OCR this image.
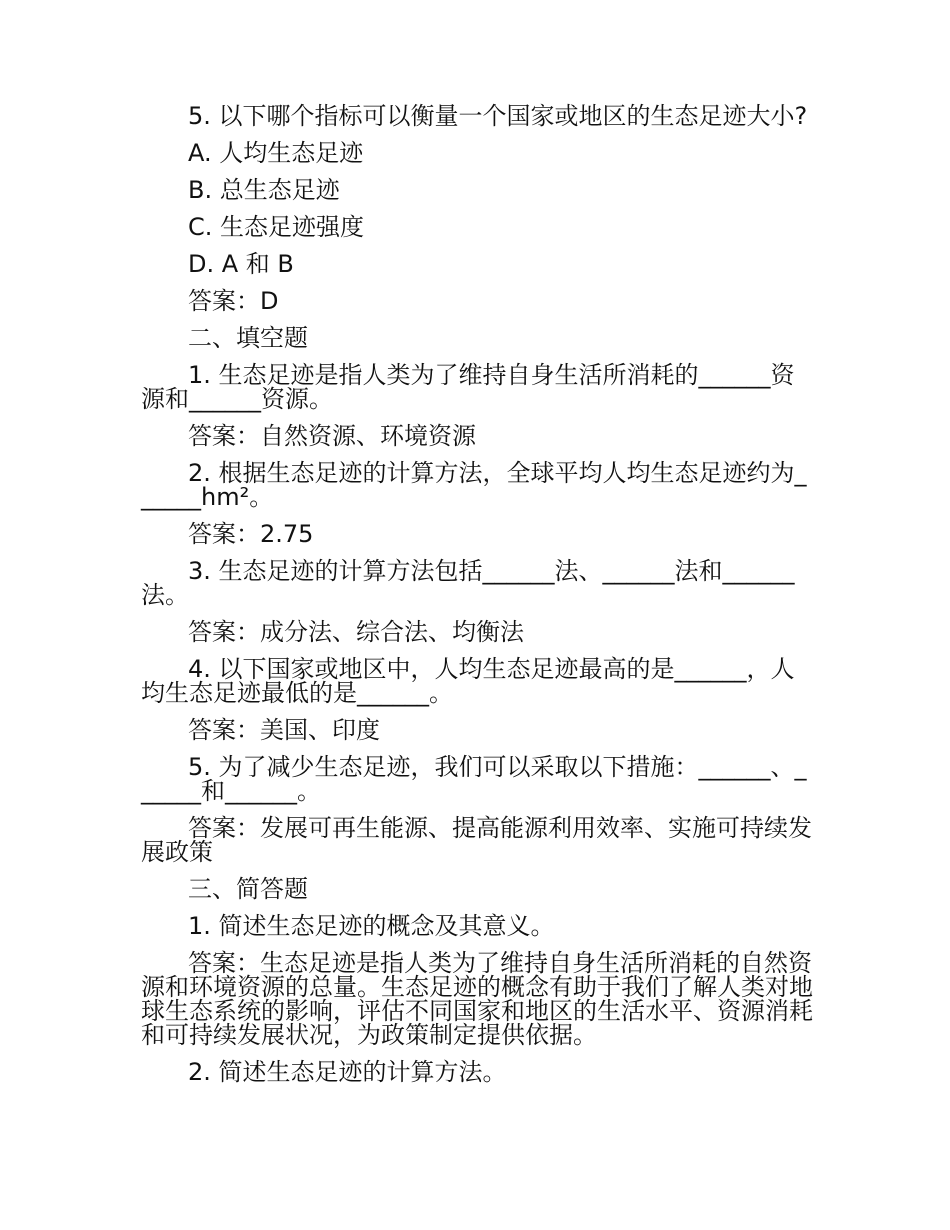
5. 以下哪个指标可以衡量一个国家或地区的生态足迹大小?

A. 人均生态足迹

B. 总生态足迹

C. 生态足迹强度

D. A 和 B

答案：D

二、填空题

1. 生态足迹是指人类为了维持自身生活所消耗的______资源和______资源。

答案：自然资源、环境资源

2. 根据生态足迹的计算方法，全球平均人均生态足迹约为______hm²。

答案：2.75

3. 生态足迹的计算方法包括______法、______法和______法。

答案：成分法、综合法、均衡法

4. 以下国家或地区中，人均生态足迹最高的是______，人均生态足迹最低的是______。

答案：美国、印度

5. 为了减少生态足迹，我们可以采取以下措施：______、______和______。

答案：发展可再生能源、提高能源利用效率、实施可持续发展政策

三、简答题

1. 简述生态足迹的概念及其意义。

答案：生态足迹是指人类为了维持自身生活所消耗的自然资源和环境资源的总量。生态足迹的概念有助于我们了解人类对地球生态系统的影响，评估不同国家和地区的生活水平、资源消耗和可持续发展状况，为政策制定提供依据。

2. 简述生态足迹的计算方法。
